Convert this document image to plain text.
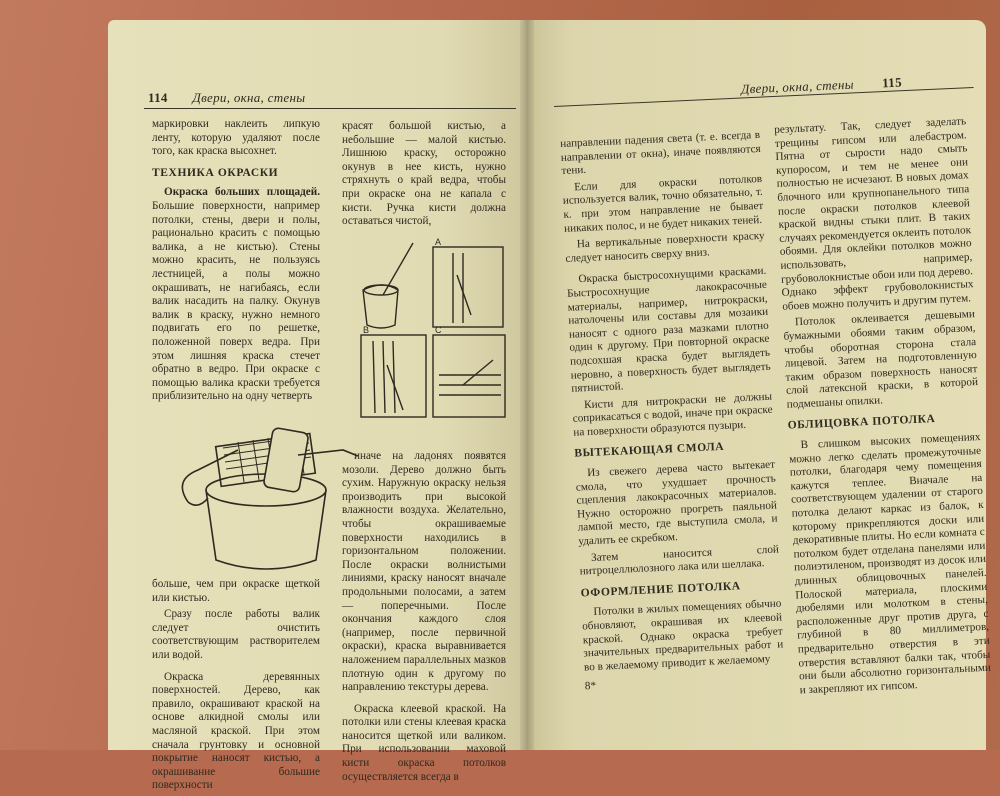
114 Двери, окна, стены

маркировки наклеить липкую ленту, которую удаляют после того, как краска высохнет.

ТЕХНИКА ОКРАСКИ

Окраска больших площадей. Большие поверхности, например потолки, стены, двери и полы, рационально красить с помощью валика, а не кистью). Стены можно красить, не пользуясь лестницей, а полы можно окрашивать, не нагибаясь, если валик насадить на палку. Окунув валик в краску, нужно немного подвигать его по решетке, положенной поверх ведра. При этом лишняя краска стечет обратно в ведро. При окраске с помощью валика краски требуется приблизительно на одну четверть

больше, чем при окраске щеткой или кистью.

Сразу после работы валик следует очистить соответствующим растворителем или водой.

Окраска деревянных поверхностей. Дерево, как правило, окрашивают краской на основе алкидной смолы или масляной краской. При этом сначала грунтовку и основной покрытие наносят кистью, а окрашивание большие поверхности

красят большой кистью, а небольшие — малой кистью. Лишнюю краску, осторожно окунув в нее кисть, нужно стряхнуть о край ведра, чтобы при окраске она не капала с кисти. Ручка кисти должна оставаться чистой,

A
B	C

иначе на ладонях появятся мозоли. Дерево должно быть сухим. Наружную окраску нельзя производить при высокой влажности воздуха. Желательно, чтобы окрашиваемые поверхности находились в горизонтальном положении. После окраски волнистыми линиями, краску наносят вначале продольными полосами, а затем — поперечными. После окончания каждого слоя (например, после первичной окраски), краска выравнивается наложением параллельных мазков плотную один к другому по направлению текстуры дерева.

Окраска клеевой краской. На потолки или стены клеевая краска наносится щеткой или валиком. При использовании маховой кисти окраска потолков осуществляется всегда в

Двери, окна, стены 115

направлении падения света (т. е. всегда в направлении от окна), иначе появляются тени.

Если для окраски потолков используется валик, точно обязательно, т. к. при этом направление не бывает никаких полос, и не будет никаких теней.

На вертикальные поверхности краску следует наносить сверху вниз.

Окраска быстросохнущими красками. Быстросохнущие лакокрасочные материалы, например, нитрокраски, натолочены или составы для мозаики наносят с одного раза мазками плотно один к другому. При повторной окраске подсохшая краска будет выглядеть неровно, а поверхность будет выглядеть пятнистой.

Кисти для нитрокраски не должны соприкасаться с водой, иначе при окраске на поверхности образуются пузыри.

ВЫТЕКАЮЩАЯ СМОЛА

Из свежего дерева часто вытекает смола, что ухудшает прочность сцепления лакокрасочных материалов. Нужно осторожно прогреть паяльной лампой место, где выступила смола, и удалить ее скребком.

Затем наносится слой нитроцеллюлозного лака или шеллака.

ОФОРМЛЕНИЕ ПОТОЛКА

Потолки в жилых помещениях обычно обновляют, окрашивая их клеевой краской. Однако окраска требует значительных предварительных работ и во в желаемому приводит к желаемому

8*

результату. Так, следует заделать трещины гипсом или алебастром. Пятна от сырости надо смыть купоросом, и тем не менее они полностью не исчезают. В новых домах блочного или крупнопанельного типа после окраски потолков клеевой краской видны стыки плит. В таких случаях рекомендуется оклеить потолок обоями. Для оклейки потолков можно использовать, например, грубоволокнистые обои или под дерево. Однако эффект грубоволокнистых обоев можно получить и другим путем.

Потолок оклеивается дешевыми бумажными обоями таким образом, чтобы оборотная сторона стала лицевой. Затем на подготовленную таким образом поверхность наносят слой латексной краски, в которой подмешаны опилки.

ОБЛИЦОВКА ПОТОЛКА

В слишком высоких помещениях можно легко сделать промежуточные потолки, благодаря чему помещения кажутся теплее. Вначале на соответствующем удалении от старого потолка делают каркас из балок, к которому прикрепляются доски или декоративные плиты. Но если комната с потолком будет отделана панелями или полиэтиленом, производят из досок или длинных облицовочных панелей. Полоской материала, плоскими дюбелями или молотком в стены, расположенные друг против друга, с глубиной в 80 миллиметров, предварительно отверстия в эти отверстия вставляют балки так, чтобы они были абсолютно горизонтальными и закрепляют их гипсом.
